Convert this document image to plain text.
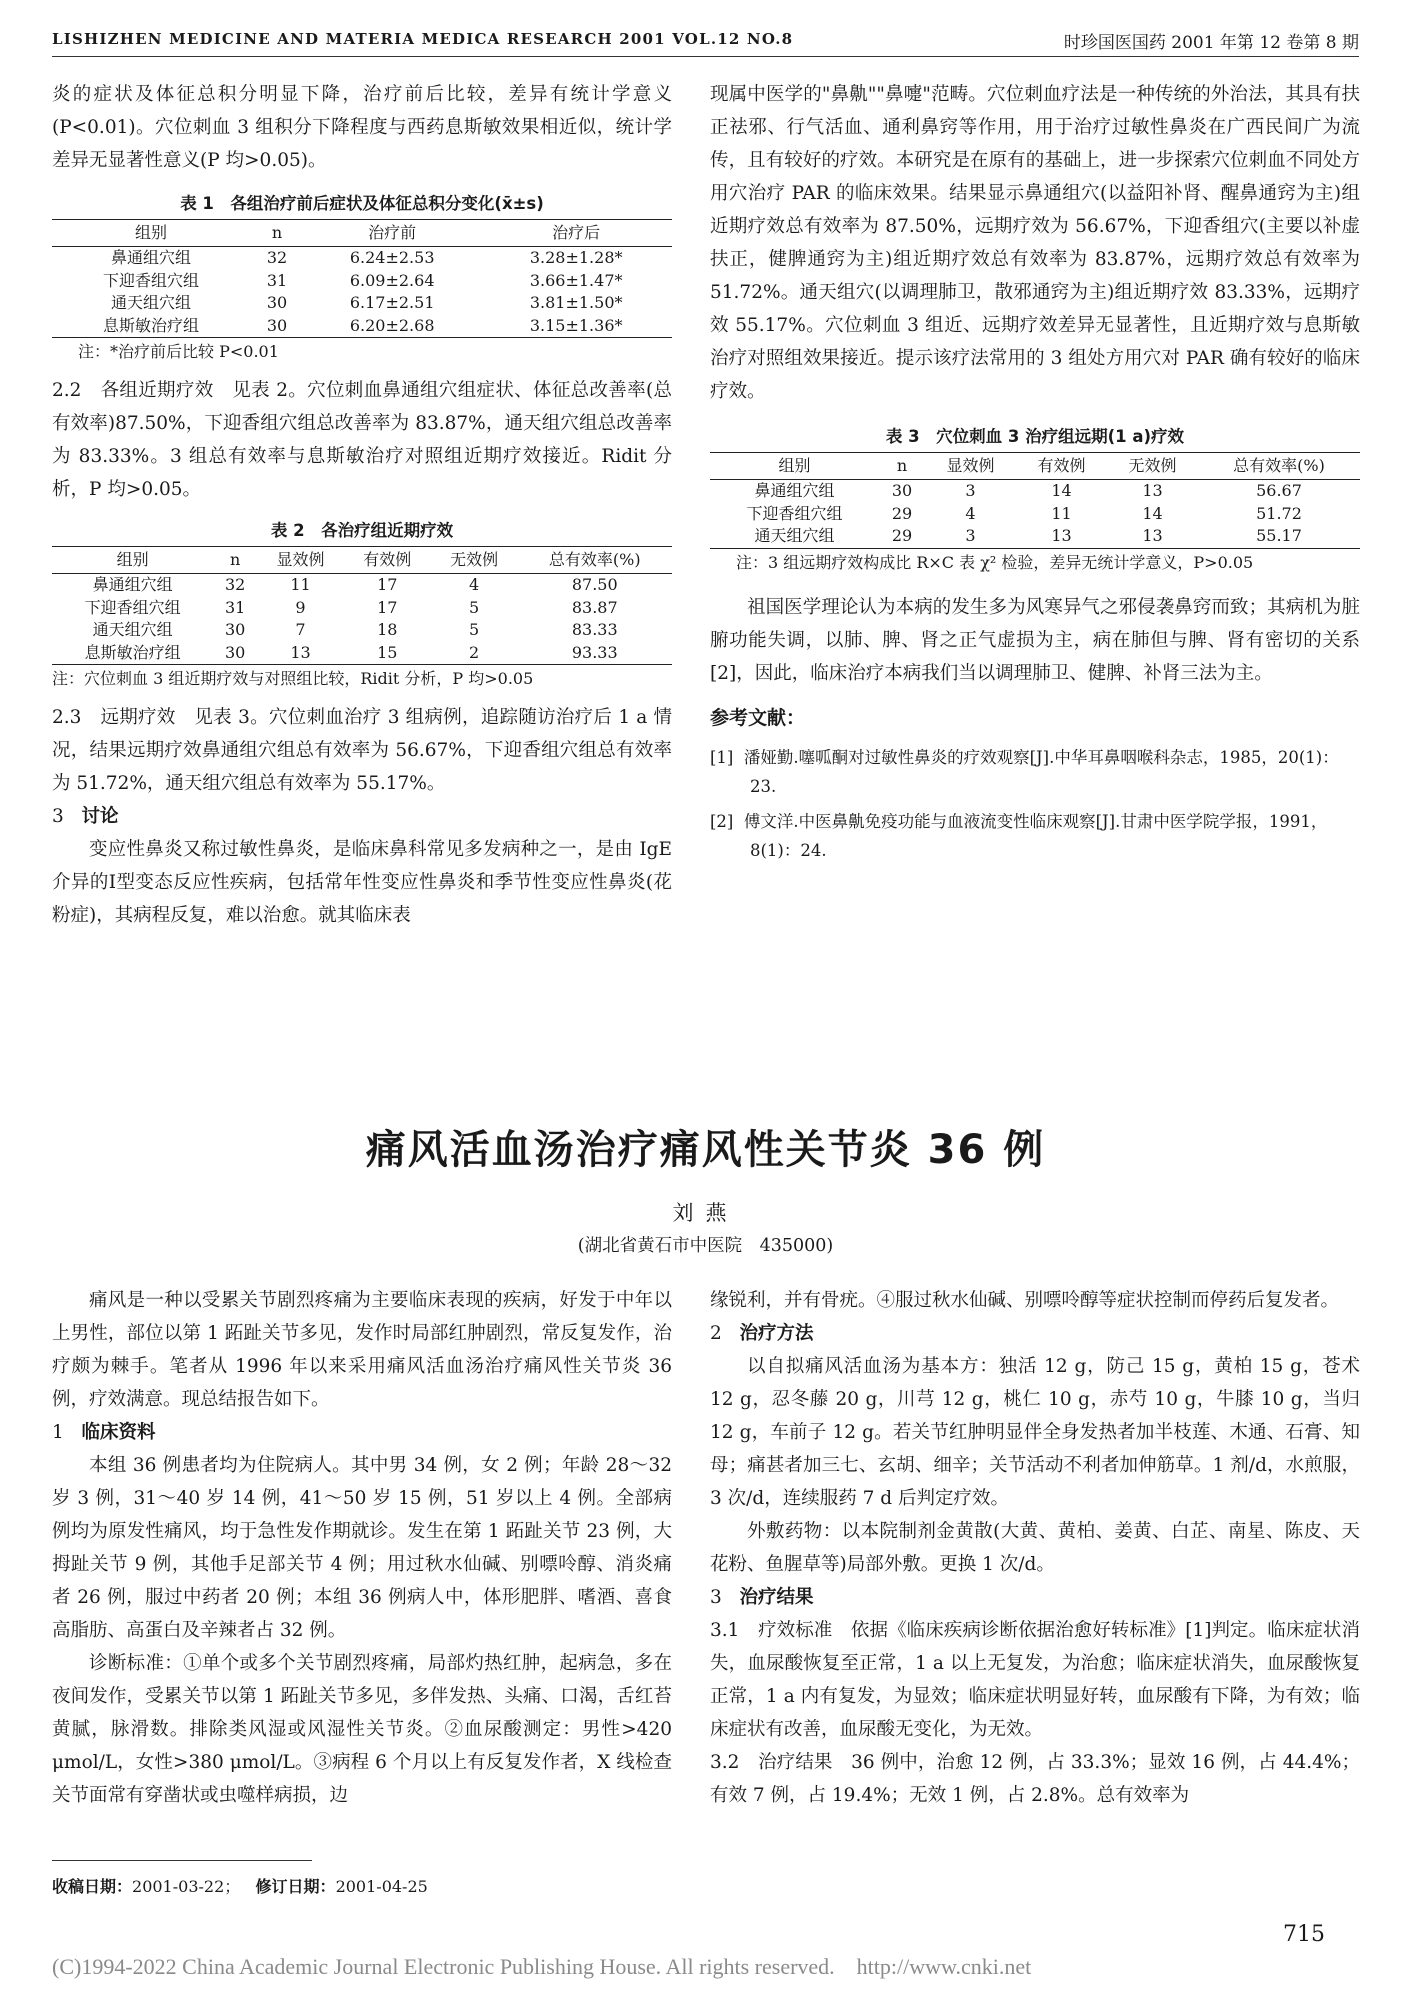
LISHIZHEN MEDICINE AND MATERIA MEDICA RESEARCH 2001 VOL.12 NO.8	时珍国医国药 2001 年第 12 卷第 8 期

炎的症状及体征总积分明显下降，治疗前后比较，差异有统计学意义(P<0.01)。穴位刺血 3 组积分下降程度与西药息斯敏效果相近似，统计学差异无显著性意义(P 均>0.05)。

表 1　各组治疗前后症状及体征总积分变化(x̄±s)
组别	n	治疗前	治疗后
鼻通组穴组	32	6.24±2.53	3.28±1.28*
下迎香组穴组	31	6.09±2.64	3.66±1.47*
通天组穴组	30	6.17±2.51	3.81±1.50*
息斯敏治疗组	30	6.20±2.68	3.15±1.36*
注：*治疗前后比较 P<0.01

2.2　各组近期疗效　见表 2。穴位刺血鼻通组穴组症状、体征总改善率(总有效率)87.50%，下迎香组穴组总改善率为 83.87%，通天组穴组总改善率为 83.33%。3 组总有效率与息斯敏治疗对照组近期疗效接近。Ridit 分析，P 均>0.05。

表 2　各治疗组近期疗效
组别	n	显效例	有效例	无效例	总有效率(%)
鼻通组穴组	32	11	17	4	87.50
下迎香组穴组	31	9	17	5	83.87
通天组穴组	30	7	18	5	83.33
息斯敏治疗组	30	13	15	2	93.33
注：穴位刺血 3 组近期疗效与对照组比较，Ridit 分析，P 均>0.05

2.3　远期疗效　见表 3。穴位刺血治疗 3 组病例，追踪随访治疗后 1 a 情况，结果远期疗效鼻通组穴组总有效率为 56.67%，下迎香组穴组总有效率为 51.72%，通天组穴组总有效率为 55.17%。

3 讨论

变应性鼻炎又称过敏性鼻炎，是临床鼻科常见多发病种之一，是由 IgE 介异的Ⅰ型变态反应性疾病，包括常年性变应性鼻炎和季节性变应性鼻炎(花粉症)，其病程反复，难以治愈。就其临床表

现属中医学的"鼻鼽""鼻嚏"范畴。穴位刺血疗法是一种传统的外治法，其具有扶正祛邪、行气活血、通利鼻窍等作用，用于治疗过敏性鼻炎在广西民间广为流传，且有较好的疗效。本研究是在原有的基础上，进一步探索穴位刺血不同处方用穴治疗 PAR 的临床效果。结果显示鼻通组穴(以益阳补肾、醒鼻通窍为主)组近期疗效总有效率为 87.50%，远期疗效为 56.67%，下迎香组穴(主要以补虚扶正，健脾通窍为主)组近期疗效总有效率为 83.87%，远期疗效总有效率为 51.72%。通天组穴(以调理肺卫，散邪通窍为主)组近期疗效 83.33%，远期疗效 55.17%。穴位刺血 3 组近、远期疗效差异无显著性，且近期疗效与息斯敏治疗对照组效果接近。提示该疗法常用的 3 组处方用穴对 PAR 确有较好的临床疗效。

表 3　穴位刺血 3 治疗组远期(1 a)疗效
组别	n	显效例	有效例	无效例	总有效率(%)
鼻通组穴组	30	3	14	13	56.67
下迎香组穴组	29	4	11	14	51.72
通天组穴组	29	3	13	13	55.17
注：3 组远期疗效构成比 R×C 表 χ² 检验，差异无统计学意义，P>0.05

祖国医学理论认为本病的发生多为风寒异气之邪侵袭鼻窍而致；其病机为脏腑功能失调，以肺、脾、肾之正气虚损为主，病在肺但与脾、肾有密切的关系[2]，因此，临床治疗本病我们当以调理肺卫、健脾、补肾三法为主。

参考文献：

[1] 潘娅勤.噻呱酮对过敏性鼻炎的疗效观察[J].中华耳鼻咽喉科杂志，1985，20(1)：23.

[2] 傅文洋.中医鼻鼽免疫功能与血液流变性临床观察[J].甘肃中医学院学报，1991，8(1)：24.

痛风活血汤治疗痛风性关节炎 36 例
刘燕
(湖北省黄石市中医院　435000)

痛风是一种以受累关节剧烈疼痛为主要临床表现的疾病，好发于中年以上男性，部位以第 1 跖趾关节多见，发作时局部红肿剧烈，常反复发作，治疗颇为棘手。笔者从 1996 年以来采用痛风活血汤治疗痛风性关节炎 36 例，疗效满意。现总结报告如下。

1 临床资料

本组 36 例患者均为住院病人。其中男 34 例，女 2 例；年龄 28～32 岁 3 例，31～40 岁 14 例，41～50 岁 15 例，51 岁以上 4 例。全部病例均为原发性痛风，均于急性发作期就诊。发生在第 1 跖趾关节 23 例，大拇趾关节 9 例，其他手足部关节 4 例；用过秋水仙碱、别嘌呤醇、消炎痛者 26 例，服过中药者 20 例；本组 36 例病人中，体形肥胖、嗜酒、喜食高脂肪、高蛋白及辛辣者占 32 例。

诊断标准：①单个或多个关节剧烈疼痛，局部灼热红肿，起病急，多在夜间发作，受累关节以第 1 跖趾关节多见，多伴发热、头痛、口渴，舌红苔黄腻，脉滑数。排除类风湿或风湿性关节炎。②血尿酸测定：男性>420 μmol/L，女性>380 μmol/L。③病程 6 个月以上有反复发作者，X 线检查关节面常有穿凿状或虫噬样病损，边

缘锐利，并有骨疣。④服过秋水仙碱、别嘌呤醇等症状控制而停药后复发者。

2 治疗方法

以自拟痛风活血汤为基本方：独活 12 g，防己 15 g，黄柏 15 g，苍术 12 g，忍冬藤 20 g，川芎 12 g，桃仁 10 g，赤芍 10 g，牛膝 10 g，当归 12 g，车前子 12 g。若关节红肿明显伴全身发热者加半枝莲、木通、石膏、知母；痛甚者加三七、玄胡、细辛；关节活动不利者加伸筋草。1 剂/d，水煎服，3 次/d，连续服药 7 d 后判定疗效。

外敷药物：以本院制剂金黄散(大黄、黄柏、姜黄、白芷、南星、陈皮、天花粉、鱼腥草等)局部外敷。更换 1 次/d。

3 治疗结果

3.1　疗效标准　依据《临床疾病诊断依据治愈好转标准》[1]判定。临床症状消失，血尿酸恢复至正常，1 a 以上无复发，为治愈；临床症状消失，血尿酸恢复正常，1 a 内有复发，为显效；临床症状明显好转，血尿酸有下降，为有效；临床症状有改善，血尿酸无变化，为无效。

3.2　治疗结果　36 例中，治愈 12 例，占 33.3%；显效 16 例，占 44.4%；有效 7 例，占 19.4%；无效 1 例，占 2.8%。总有效率为

收稿日期：2001-03-22； 修订日期：2001-04-25
715
(C)1994-2022 China Academic Journal Electronic Publishing House. All rights reserved.　http://www.cnki.net
